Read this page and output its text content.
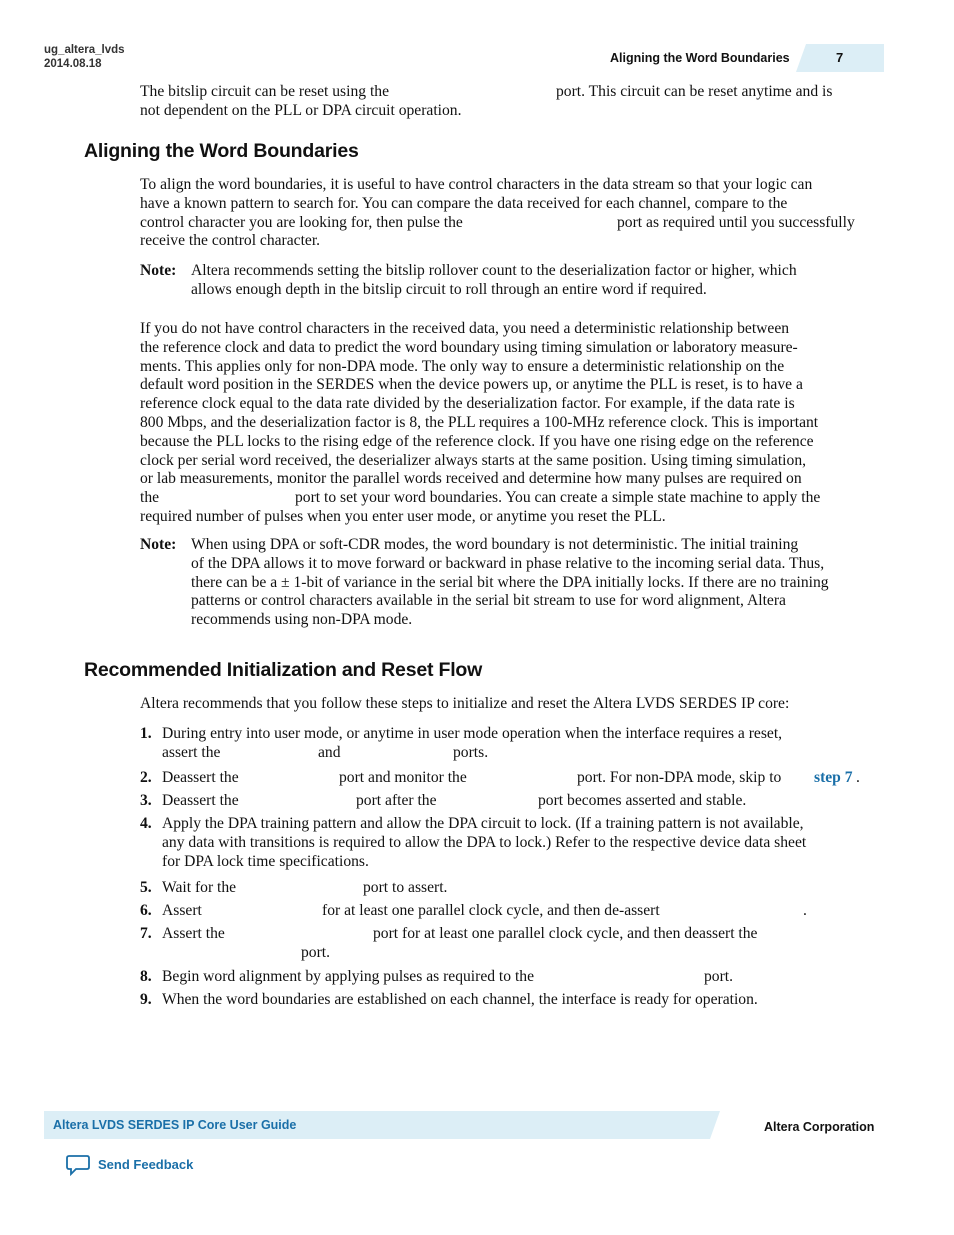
ug_altera_lvds
2014.08.18	Aligning the Word Boundaries	7
The bitslip circuit can be reset using the	port. This circuit can be reset anytime and is
not dependent on the PLL or DPA circuit operation.
Aligning the Word Boundaries
To align the word boundaries, it is useful to have control characters in the data stream so that your logic can
have a known pattern to search for. You can compare the data received for each channel, compare to the
control character you are looking for, then pulse the	port as required until you successfully
receive the control character.
Note: Altera recommends setting the bitslip rollover count to the deserialization factor or higher, which
allows enough depth in the bitslip circuit to roll through an entire word if required.
If you do not have control characters in the received data, you need a deterministic relationship between
the reference clock and data to predict the word boundary using timing simulation or laboratory measure-
ments. This applies only for non-DPA mode. The only way to ensure a deterministic relationship on the
default word position in the SERDES when the device powers up, or anytime the PLL is reset, is to have a
reference clock equal to the data rate divided by the deserialization factor. For example, if the data rate is
800 Mbps, and the deserialization factor is 8, the PLL requires a 100-MHz reference clock. This is important
because the PLL locks to the rising edge of the reference clock. If you have one rising edge on the reference
clock per serial word received, the deserializer always starts at the same position. Using timing simulation,
or lab measurements, monitor the parallel words received and determine how many pulses are required on
the	port to set your word boundaries. You can create a simple state machine to apply the
required number of pulses when you enter user mode, or anytime you reset the PLL.
Note: When using DPA or soft-CDR modes, the word boundary is not deterministic. The initial training
of the DPA allows it to move forward or backward in phase relative to the incoming serial data. Thus,
there can be a ± 1-bit of variance in the serial bit where the DPA initially locks. If there are no training
patterns or control characters available in the serial bit stream to use for word alignment, Altera
recommends using non-DPA mode.
Recommended Initialization and Reset Flow
Altera recommends that you follow these steps to initialize and reset the Altera LVDS SERDES IP core:
1. During entry into user mode, or anytime in user mode operation when the interface requires a reset,
assert the	and	ports.
2. Deassert the	port and monitor the	port. For non-DPA mode, skip to step 7 .
3. Deassert the	port after the	port becomes asserted and stable.
4. Apply the DPA training pattern and allow the DPA circuit to lock. (If a training pattern is not available,
any data with transitions is required to allow the DPA to lock.) Refer to the respective device data sheet
for DPA lock time specifications.
5. Wait for the	port to assert.
6. Assert	for at least one parallel clock cycle, and then de-assert	.
7. Assert the	port for at least one parallel clock cycle, and then deassert the
port.
8. Begin word alignment by applying pulses as required to the	port.
9. When the word boundaries are established on each channel, the interface is ready for operation.
Altera LVDS SERDES IP Core User Guide	Altera Corporation
Send Feedback
